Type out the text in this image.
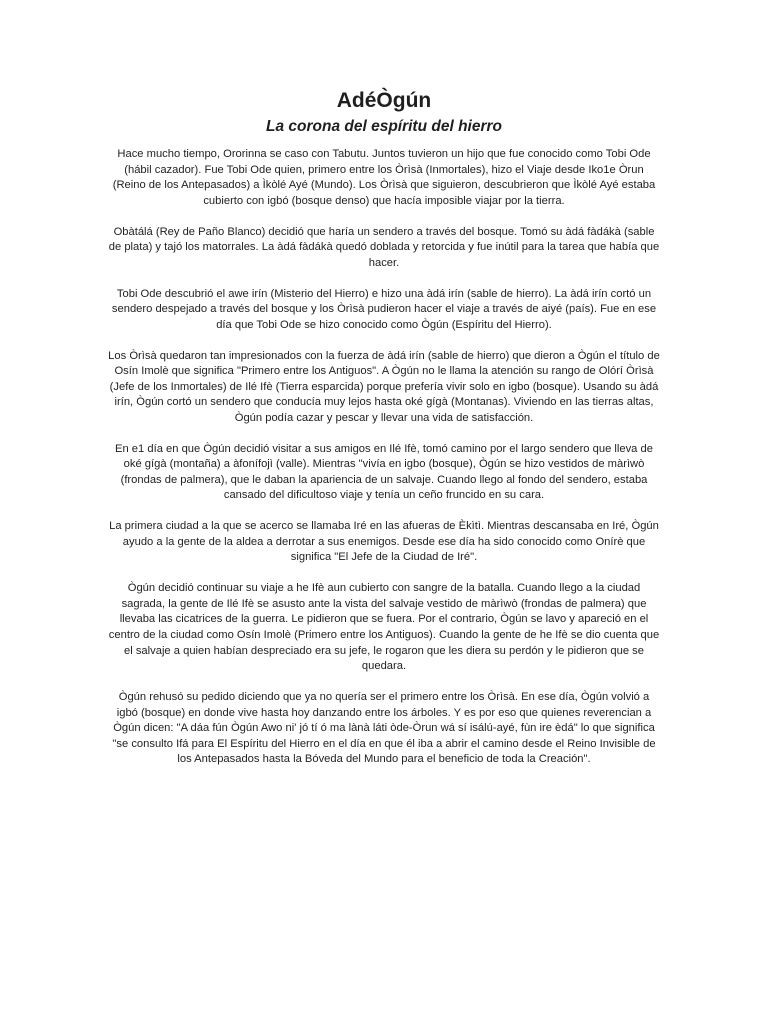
AdéÒgún
La corona del espíritu del hierro

Hace mucho tiempo, Ororinna se caso con Tabutu. Juntos tuvieron un hijo que fue conocido como Tobi Ode (hábil cazador). Fue Tobi Ode quien, primero entre los Òrìsà (Inmortales), hizo el Viaje desde Iko1e Òrun (Reino de los Antepasados) a Ìkòlé Ayé (Mundo). Los Òrìsà que siguieron, descubrieron que Ìkòlé Ayé estaba cubierto con igbó (bosque denso) que hacía imposible viajar por la tierra.

Obàtálá (Rey de Paño Blanco) decidió que haría un sendero a través del bosque. Tomó su àdá fàdákà (sable de plata) y tajó los matorrales. La àdá fàdákà quedó doblada y retorcida y fue inútil para la tarea que había que hacer.

Tobi Ode descubrió el awe irín (Misterio del Hierro) e hizo una àdá irín (sable de hierro). La àdá irín cortó un sendero despejado a través del bosque y los Òrìsà pudieron hacer el viaje a través de aiyé (país). Fue en ese día que Tobi Ode se hizo conocido como Ògún (Espíritu del Hierro).

Los Òrìsà quedaron tan impresionados con la fuerza de àdá irín (sable de hierro) que dieron a Ògún el título de Osín Imolè que significa "Primero entre los Antiguos". A Ògún no le llama la atención su rango de Olórí Òrìsà (Jefe de los Inmortales) de Ilé Ifè (Tierra esparcida) porque prefería vivir solo en igbo (bosque). Usando su àdá irín, Ògún cortó un sendero que conducía muy lejos hasta oké gígà (Montanas). Viviendo en las tierras altas, Ògún podía cazar y pescar y llevar una vida de satisfacción.

En e1 día en que Ògún decidió visitar a sus amigos en Ilé Ifè, tomó camino por el largo sendero que lleva de oké gígà (montaña) a àfonífojì (valle). Mientras "vivía en igbo (bosque), Ògún se hizo vestidos de màrìwò (frondas de palmera), que le daban la apariencia de un salvaje. Cuando llego al fondo del sendero, estaba cansado del dificultoso viaje y tenía un ceño fruncido en su cara.

La primera ciudad a la que se acerco se llamaba Iré en las afueras de Èkìtì. Mientras descansaba en Iré, Ògún ayudo a la gente de la aldea a derrotar a sus enemigos. Desde ese día ha sido conocido como Onírè que significa "El Jefe de la Ciudad de Iré".

Ògún decidió continuar su viaje a he Ifè aun cubierto con sangre de la batalla. Cuando llego a la ciudad sagrada, la gente de Ilé Ifè se asusto ante la vista del salvaje vestido de màrìwò (frondas de palmera) que llevaba las cicatrices de la guerra. Le pidieron que se fuera. Por el contrario, Ògún se lavo y apareció en el centro de la ciudad como Osín Imolè (Primero entre los Antiguos). Cuando la gente de he Ifè se dio cuenta que el salvaje a quien habían despreciado era su jefe, le rogaron que les diera su perdón y le pidieron que se quedara.

Ògún rehusó su pedido diciendo que ya no quería ser el primero entre los Òrìsà. En ese día, Ògún volvió a igbó (bosque) en donde vive hasta hoy danzando entre los árboles. Y es por eso que quienes reverencian a Ògún dicen: "A dáa fún Ògún Awo ni' jó tí ó ma lànà láti òde-Òrun wá sí isálú-ayé, fùn ire èdá" lo que significa "se consulto Ifá para El Espíritu del Hierro en el día en que él iba a abrir el camino desde el Reino Invisible de los Antepasados hasta la Bóveda del Mundo para el beneficio de toda la Creación".
